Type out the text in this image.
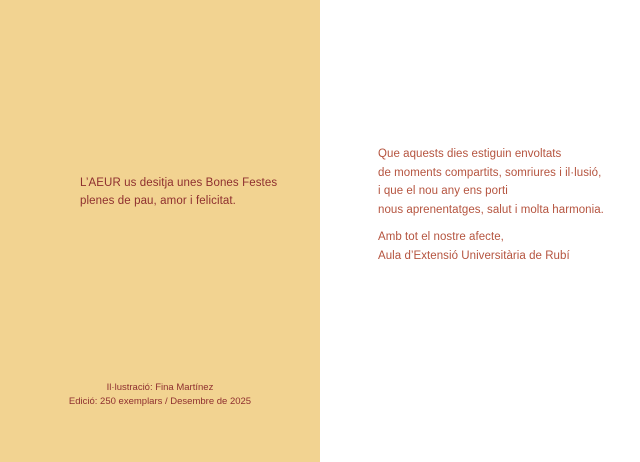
L’AEUR us desitja unes Bones Festes
plenes de pau, amor i felicitat.
Il·lustració: Fina Martínez
Edició: 250 exemplars / Desembre de 2025
Que aquests dies estiguin envoltats
de moments compartits, somriures i il·lusió,
i que el nou any ens porti
nous aprenentatges, salut i molta harmonia.
Amb tot el nostre afecte,
Aula d’Extensió Universitària de Rubí
